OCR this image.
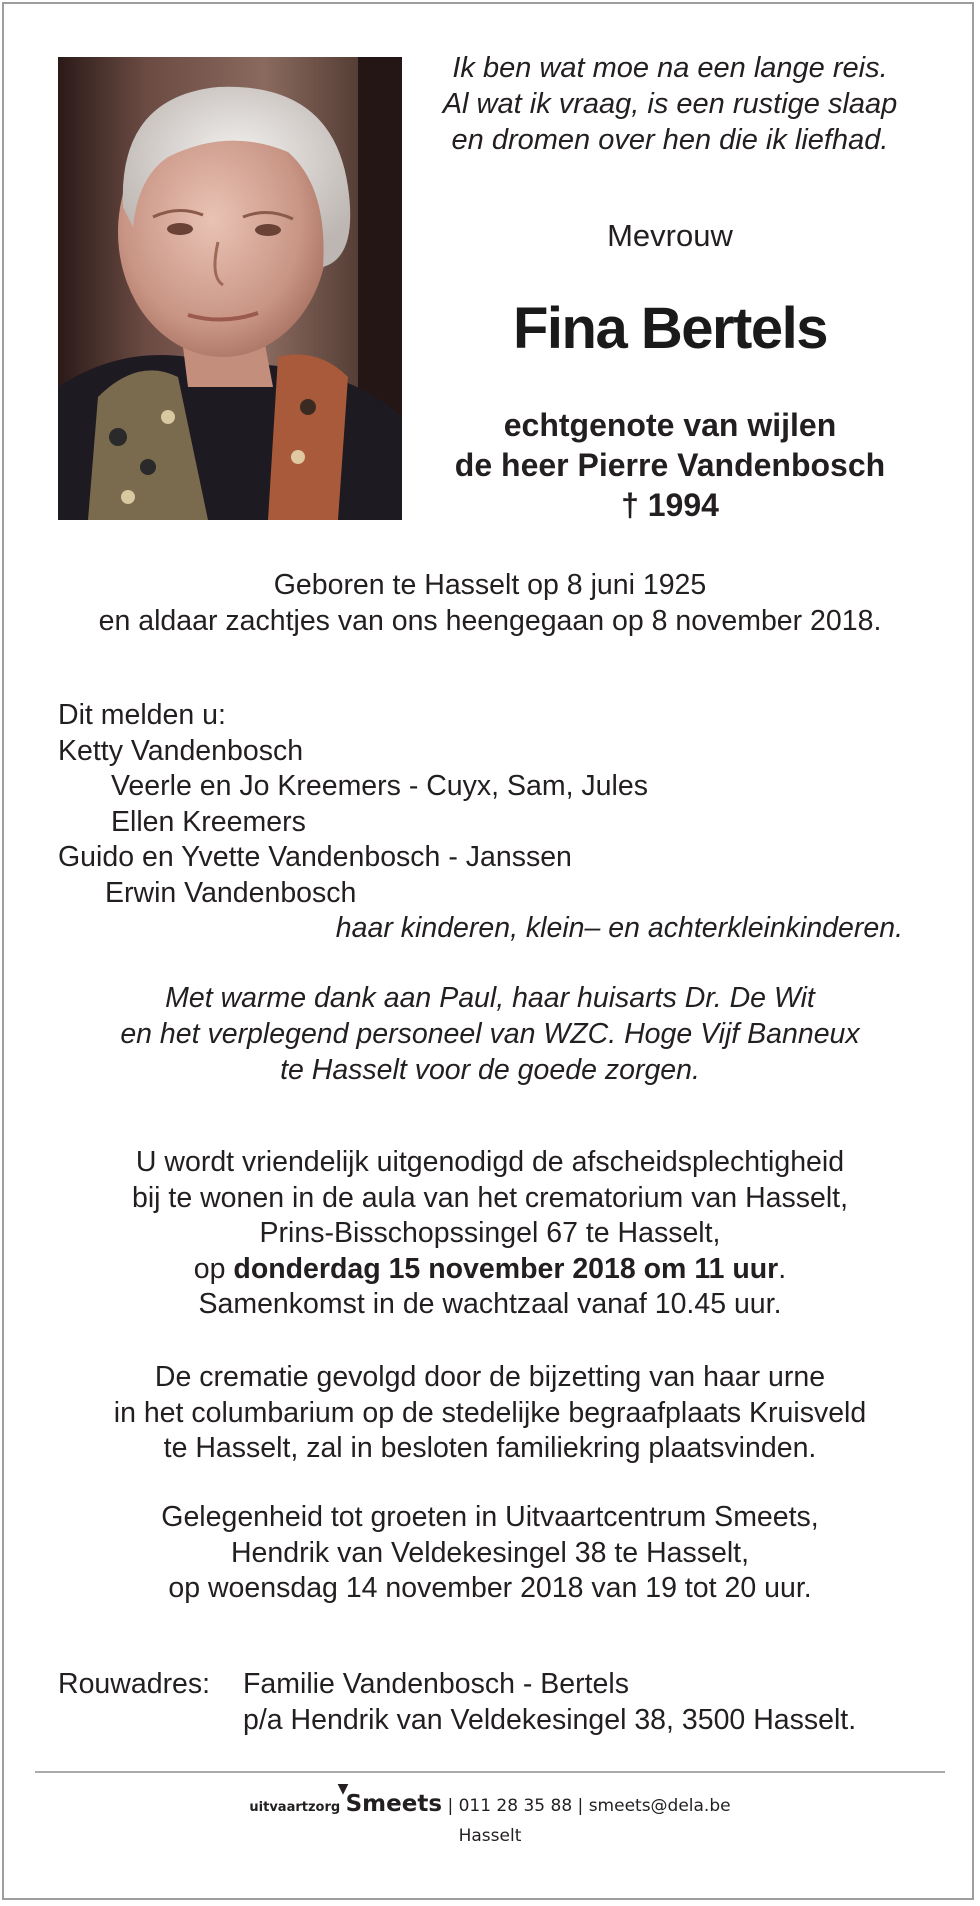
Ik ben wat moe na een lange reis.
Al wat ik vraag, is een rustige slaap
en dromen over hen die ik liefhad.
Mevrouw
Fina Bertels
echtgenote van wijlen
de heer Pierre Vandenbosch
† 1994
Geboren te Hasselt op 8 juni 1925
en aldaar zachtjes van ons heengegaan op 8 november 2018.
Dit melden u:
Ketty Vandenbosch
Veerle en Jo Kreemers - Cuyx, Sam, Jules
Ellen Kreemers
Guido en Yvette Vandenbosch - Janssen
Erwin Vandenbosch
haar kinderen, klein– en achterkleinkinderen.
Met warme dank aan Paul, haar huisarts Dr. De Wit
en het verplegend personeel van WZC. Hoge Vijf Banneux
te Hasselt voor de goede zorgen.
U wordt vriendelijk uitgenodigd de afscheidsplechtigheid
bij te wonen in de aula van het crematorium van Hasselt,
Prins-Bisschopssingel 67 te Hasselt,
op donderdag 15 november 2018 om 11 uur.
Samenkomst in de wachtzaal vanaf 10.45 uur.
De crematie gevolgd door de bijzetting van haar urne
in het columbarium op de stedelijke begraafplaats Kruisveld
te Hasselt, zal in besloten familiekring plaatsvinden.
Gelegenheid tot groeten in Uitvaartcentrum Smeets,
Hendrik van Veldekesingel 38 te Hasselt,
op woensdag 14 november 2018 van 19 tot 20 uur.
Rouwadres: Familie Vandenbosch - Bertels
p/a Hendrik van Veldekesingel 38, 3500 Hasselt.
uitvaartzorg
▼
Smeets | 011 28 35 88 | smeets@dela.be
Hasselt
